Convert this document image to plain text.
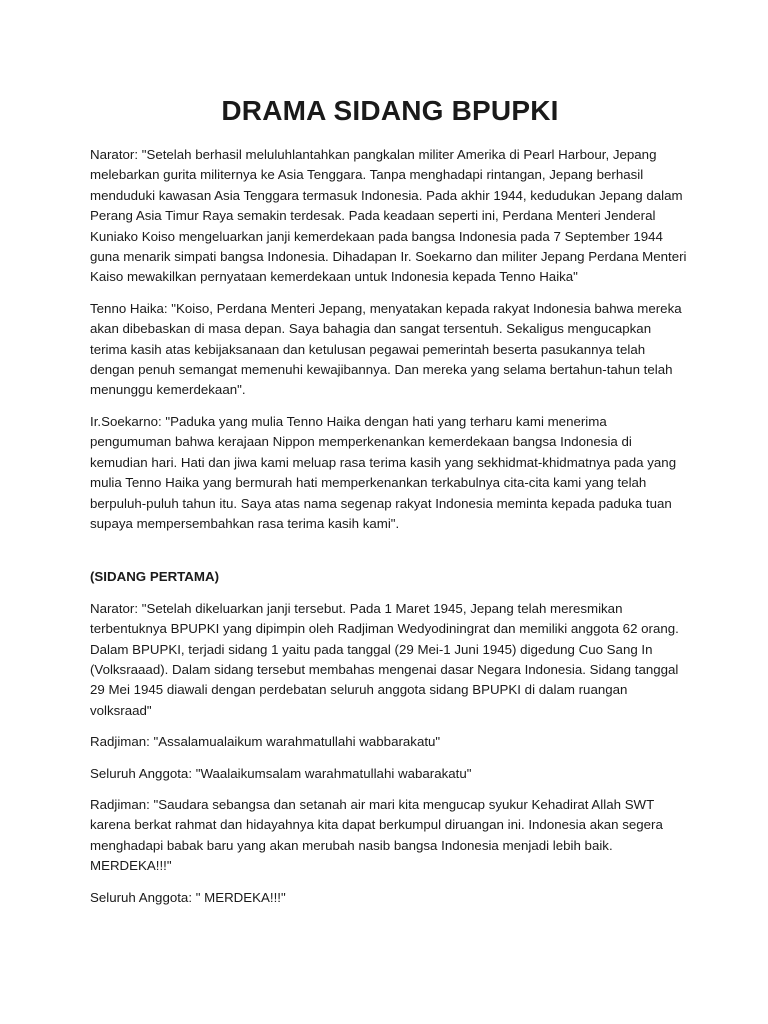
DRAMA SIDANG BPUPKI

Narator: "Setelah berhasil meluluhlantahkan pangkalan militer Amerika di Pearl Harbour, Jepang melebarkan gurita militernya ke Asia Tenggara. Tanpa menghadapi rintangan, Jepang berhasil menduduki kawasan Asia Tenggara termasuk Indonesia. Pada akhir 1944, kedudukan Jepang dalam Perang Asia Timur Raya semakin terdesak. Pada keadaan seperti ini, Perdana Menteri Jenderal Kuniako Koiso mengeluarkan janji kemerdekaan pada bangsa Indonesia pada 7 September 1944 guna menarik simpati bangsa Indonesia. Dihadapan Ir. Soekarno dan militer Jepang Perdana Menteri Kaiso mewakilkan pernyataan kemerdekaan untuk Indonesia kepada Tenno Haika"

Tenno Haika: "Koiso, Perdana Menteri Jepang, menyatakan kepada rakyat Indonesia bahwa mereka akan dibebaskan di masa depan. Saya bahagia dan sangat tersentuh. Sekaligus mengucapkan terima kasih atas kebijaksanaan dan ketulusan pegawai pemerintah beserta pasukannya telah dengan penuh semangat memenuhi kewajibannya. Dan mereka yang selama bertahun-tahun telah menunggu kemerdekaan".

Ir.Soekarno: "Paduka yang mulia Tenno Haika dengan hati yang terharu kami menerima pengumuman bahwa kerajaan Nippon memperkenankan kemerdekaan bangsa Indonesia di kemudian hari. Hati dan jiwa kami meluap rasa terima kasih yang sekhidmat-khidmatnya pada yang mulia Tenno Haika yang bermurah hati memperkenankan terkabulnya cita-cita kami yang telah berpuluh-puluh tahun itu. Saya atas nama segenap rakyat Indonesia meminta kepada paduka tuan supaya mempersembahkan rasa terima kasih kami".

(SIDANG PERTAMA)

Narator: "Setelah dikeluarkan janji tersebut. Pada 1 Maret 1945, Jepang telah meresmikan terbentuknya BPUPKI yang dipimpin oleh Radjiman Wedyodiningrat dan memiliki anggota 62 orang. Dalam BPUPKI, terjadi sidang 1 yaitu pada tanggal (29 Mei-1 Juni 1945) digedung Cuo Sang In (Volksraaad). Dalam sidang tersebut membahas mengenai dasar Negara Indonesia. Sidang tanggal 29 Mei 1945 diawali dengan perdebatan seluruh anggota sidang BPUPKI di dalam ruangan volksraad"

Radjiman: "Assalamualaikum warahmatullahi wabbarakatu"

Seluruh Anggota: "Waalaikumsalam warahmatullahi wabarakatu"

Radjiman: "Saudara sebangsa dan setanah air mari kita mengucap syukur Kehadirat Allah SWT karena berkat rahmat dan hidayahnya kita dapat berkumpul diruangan ini. Indonesia akan segera menghadapi babak baru yang akan merubah nasib bangsa Indonesia menjadi lebih baik. MERDEKA!!!"

Seluruh Anggota: " MERDEKA!!!"
